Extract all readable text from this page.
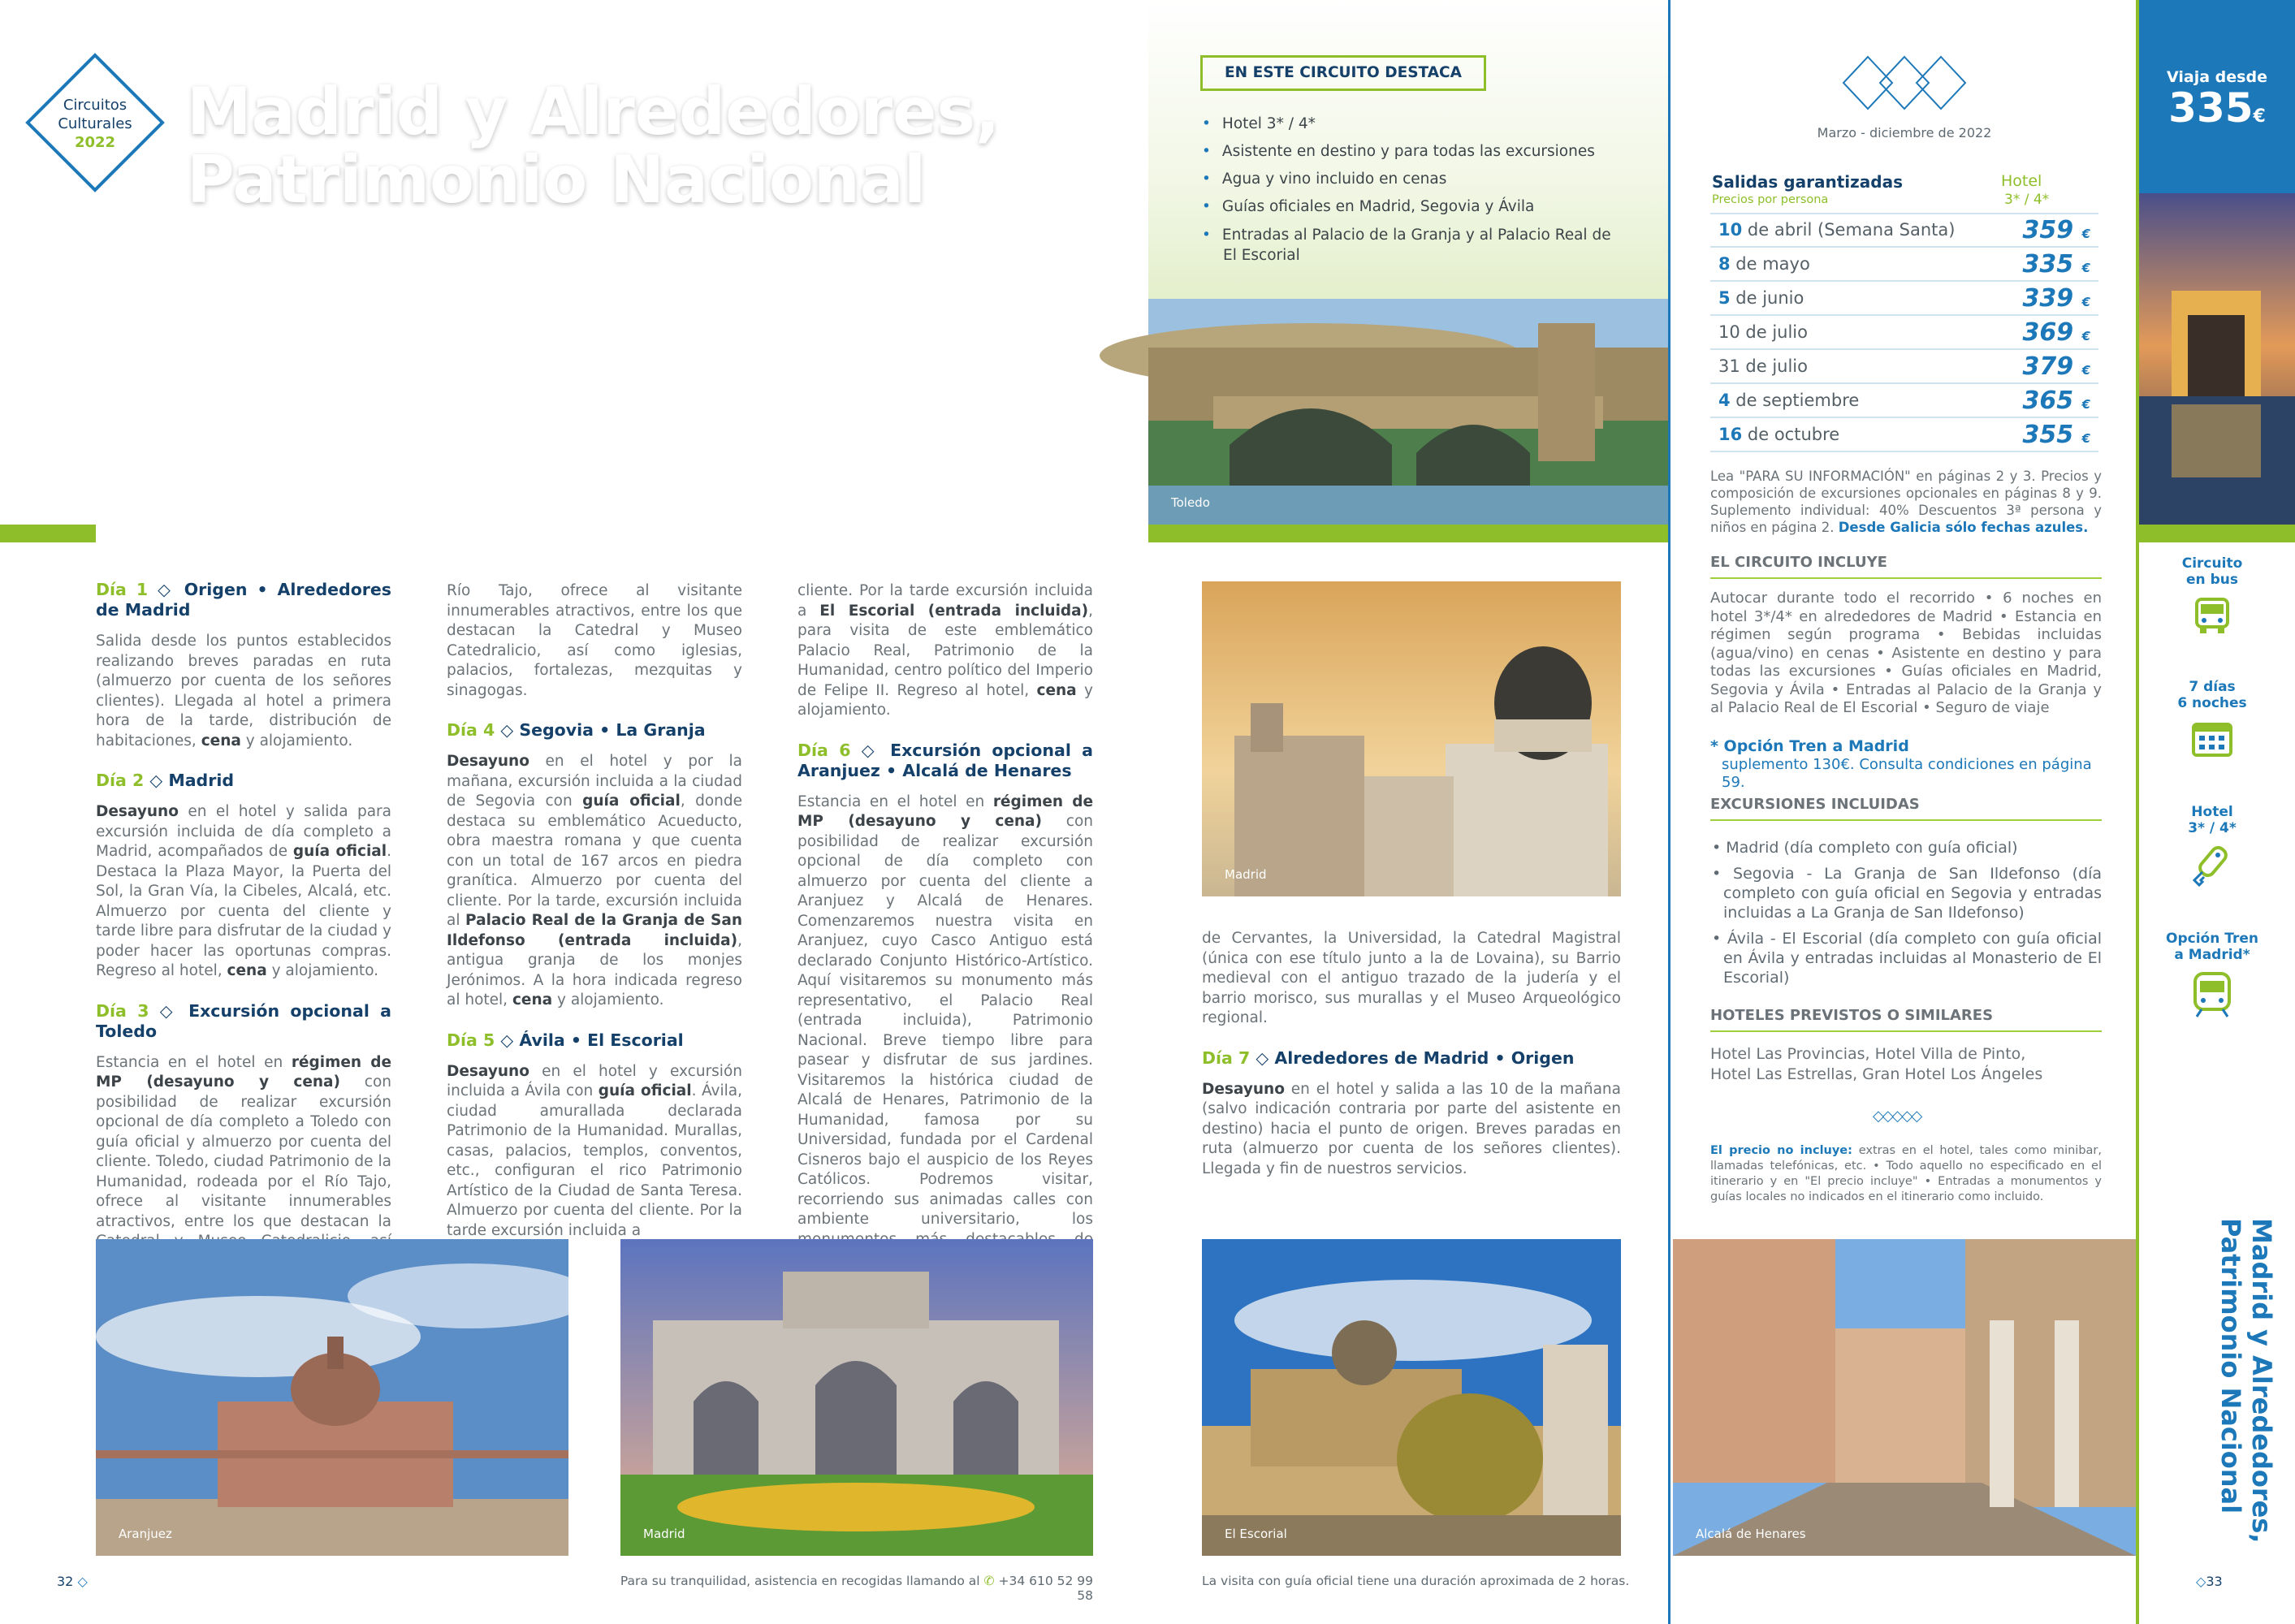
Circuitos
Culturales
2022
Segovia
Madrid y Alrededores,
Patrimonio Nacional
EN ESTE CIRCUITO DESTACA
• Hotel 3* / 4*
• Asistente en destino y para todas las excursiones
• Agua y vino incluido en cenas
• Guías oficiales en Madrid, Segovia y Ávila
• Entradas al Palacio de la Granja y al Palacio Real de El Escorial
Toledo
Día 1 ◇ Origen • Alrededores de Madrid

Salida desde los puntos establecidos realizando breves paradas en ruta (almuerzo por cuenta de los señores clientes). Llegada al hotel a primera hora de la tarde, distribución de habitaciones, cena y alojamiento.

Día 2 ◇ Madrid

Desayuno en el hotel y salida para excursión incluida de día completo a Madrid, acompañados de guía oficial. Destaca la Plaza Mayor, la Puerta del Sol, la Gran Vía, la Cibeles, Alcalá, etc. Almuerzo por cuenta del cliente y tarde libre para disfrutar de la ciudad y poder hacer las oportunas compras. Regreso al hotel, cena y alojamiento.

Día 3 ◇ Excursión opcional a Toledo

Estancia en el hotel en régimen de MP (desayuno y cena) con posibilidad de realizar excursión opcional de día completo a Toledo con guía oficial y almuerzo por cuenta del cliente. Toledo, ciudad Patrimonio de la Humanidad, rodeada por el Río Tajo, ofrece al visitante innumerables atractivos, entre los que destacan la

Río Tajo, ofrece al visitante innumerables atractivos, entre los que destacan la Catedral y Museo Catedralicio, así como iglesias, palacios, fortalezas, mezquitas y sinagogas.

Día 4 ◇ Segovia • La Granja

Desayuno en el hotel y por la mañana, excursión incluida a la ciudad de Segovia con guía oficial, donde destaca su emblemático Acueducto, obra maestra romana y que cuenta con un total de 167 arcos en piedra granítica. Almuerzo por cuenta del cliente. Por la tarde, excursión incluida al Palacio Real de la Granja de San Ildefonso (entrada incluida), antigua granja de los monjes Jerónimos. A la hora indicada regreso al hotel, cena y alojamiento.

Día 5 ◇ Ávila • El Escorial

Desayuno en el hotel y excursión incluida a Ávila con guía oficial. Ávila, ciudad amurallada declarada Patrimonio de la Humanidad. Murallas, casas, palacios, templos, conventos, etc., configuran el rico Patrimonio Artístico de la Ciudad de Santa Teresa. Almuerzo por cuenta del cliente. Por la tarde excursión incluida a

cliente. Por la tarde excursión incluida a El Escorial (entrada incluida), para visita de este emblemático Palacio Real, Patrimonio de la Humanidad, centro político del Imperio de Felipe II. Regreso al hotel, cena y alojamiento.

Día 6 ◇ Excursión opcional a Aranjuez • Alcalá de Henares

Estancia en el hotel en régimen de MP (desayuno y cena) con posibilidad de realizar excursión opcional de día completo con almuerzo por cuenta del cliente a Aranjuez y Alcalá de Henares. Comenzaremos nuestra visita en Aranjuez, cuyo Casco Antiguo está declarado Conjunto Histórico-Artístico. Aquí visitaremos su monumento más representativo, el Palacio Real (entrada incluida), Patrimonio Nacional. Breve tiempo libre para pasear y disfrutar de sus jardines. Visitaremos la histórica ciudad de Alcalá de Henares, Patrimonio de la Humanidad, famosa por su Universidad, fundada por el Cardenal Cisneros bajo el auspicio de los Reyes Católicos. Podremos visitar, recorriendo sus animadas calles con ambiente universitario, los

Madrid

de Cervantes, la Universidad, la Catedral Magistral (única con ese título junto a la de Lovaina), su Barrio medieval con el antiguo trazado de la judería y el barrio morisco, sus murallas y el Museo Arqueológico regional.

Día 7 ◇ Alrededores de Madrid • Origen

Desayuno en el hotel y salida a las 10 de la mañana (salvo indicación contraria por parte del asistente en destino) hacia el punto de origen. Breves paradas en ruta (almuerzo por cuenta de los señores clientes). Llegada y fin de nuestros servicios.

Aranjuez	Madrid	El Escorial
32 ◇	Para su tranquilidad, asistencia en recogidas llamando al ✆ +34 610 52 99 58
La visita con guía oficial tiene una duración aproximada de 2 horas.
Marzo - diciembre de 2022
Salidas garantizadas
Precios por persona
Hotel
3* / 4*
10 de abril (Semana Santa)	359 €
8 de mayo	335 €
5 de junio	339 €
10 de julio	369 €
31 de julio	379 €
4 de septiembre	365 €
16 de octubre	355 €
Lea "PARA SU INFORMACIÓN" en páginas 2 y 3. Precios y composición de excursiones opcionales en páginas 8 y 9. Suplemento individual: 40% Descuentos 3ª persona y niños en página 2. Desde Galicia sólo fechas azules.
EL CIRCUITO INCLUYE
Autocar durante todo el recorrido • 6 noches en hotel 3*/4* en alrededores de Madrid • Estancia en régimen según programa • Bebidas incluidas (agua/vino) en cenas • Asistente en destino y para todas las excursiones • Guías oficiales en Madrid, Segovia y Ávila • Entradas al Palacio de la Granja y al Palacio Real de El Escorial • Seguro de viaje
* Opción Tren a Madrid
suplemento 130€. Consulta condiciones en página 59.
EXCURSIONES INCLUIDAS
• Madrid (día completo con guía oficial)
• Segovia - La Granja de San Ildefonso (día completo con guía oficial en Segovia y entradas incluidas a La Granja de San Ildefonso)
• Ávila - El Escorial (día completo con guía oficial en Ávila y entradas incluidas al Monasterio de El Escorial)
HOTELES PREVISTOS O SIMILARES
Hotel Las Provincias, Hotel Villa de Pinto,
Hotel Las Estrellas, Gran Hotel Los Ángeles
◇◇◇◇◇
El precio no incluye: extras en el hotel, tales como minibar, llamadas telefónicas, etc. • Todo aquello no especificado en el itinerario y en "El precio incluye" • Entradas a monumentos y guías locales no indicados en el itinerario como incluido.
Alcalá de Henares
Viaja desde
335€
Circuito
en bus
7 días
6 noches
Hotel
3* / 4*
Opción Tren
a Madrid*
Madrid y Alrededores,
Patrimonio Nacional
◇33
